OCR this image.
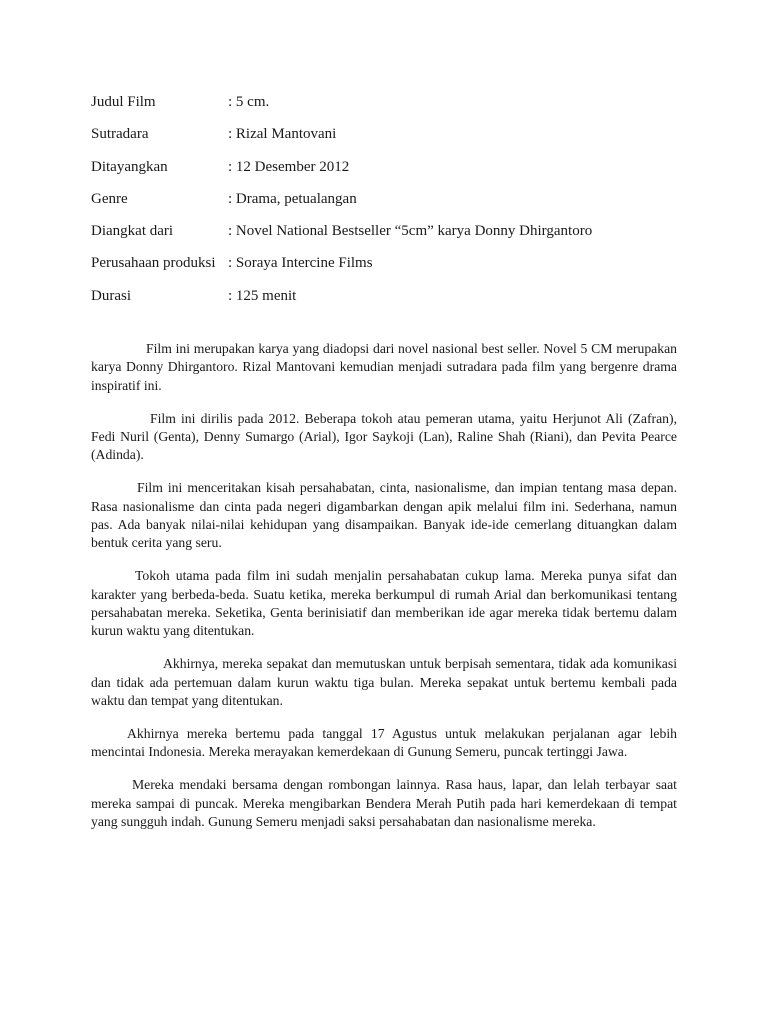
Judul Film	: 5 cm.
Sutradara	: Rizal Mantovani
Ditayangkan	: 12 Desember 2012
Genre	: Drama, petualangan
Diangkat dari	: Novel National Bestseller “5cm” karya Donny Dhirgantoro
Perusahaan produksi : Soraya Intercine Films
Durasi	: 125 menit

Film ini merupakan karya yang diadopsi dari novel nasional best seller. Novel 5 CM merupakan karya Donny Dhirgantoro. Rizal Mantovani kemudian menjadi sutradara pada film yang bergenre drama inspiratif ini.

Film ini dirilis pada 2012. Beberapa tokoh atau pemeran utama, yaitu Herjunot Ali (Zafran), Fedi Nuril (Genta), Denny Sumargo (Arial), Igor Saykoji (Lan), Raline Shah (Riani), dan Pevita Pearce (Adinda).

Film ini menceritakan kisah persahabatan, cinta, nasionalisme, dan impian tentang masa depan. Rasa nasionalisme dan cinta pada negeri digambarkan dengan apik melalui film ini. Sederhana, namun pas. Ada banyak nilai-nilai kehidupan yang disampaikan. Banyak ide-ide cemerlang dituangkan dalam bentuk cerita yang seru.

Tokoh utama pada film ini sudah menjalin persahabatan cukup lama. Mereka punya sifat dan karakter yang berbeda-beda. Suatu ketika, mereka berkumpul di rumah Arial dan berkomunikasi tentang persahabatan mereka. Seketika, Genta berinisiatif dan memberikan ide agar mereka tidak bertemu dalam kurun waktu yang ditentukan.

Akhirnya, mereka sepakat dan memutuskan untuk berpisah sementara, tidak ada komunikasi dan tidak ada pertemuan dalam kurun waktu tiga bulan. Mereka sepakat untuk bertemu kembali pada waktu dan tempat yang ditentukan.

Akhirnya mereka bertemu pada tanggal 17 Agustus untuk melakukan perjalanan agar lebih mencintai Indonesia. Mereka merayakan kemerdekaan di Gunung Semeru, puncak tertinggi Jawa.

Mereka mendaki bersama dengan rombongan lainnya. Rasa haus, lapar, dan lelah terbayar saat mereka sampai di puncak. Mereka mengibarkan Bendera Merah Putih pada hari kemerdekaan di tempat yang sungguh indah. Gunung Semeru menjadi saksi persahabatan dan nasionalisme mereka.
